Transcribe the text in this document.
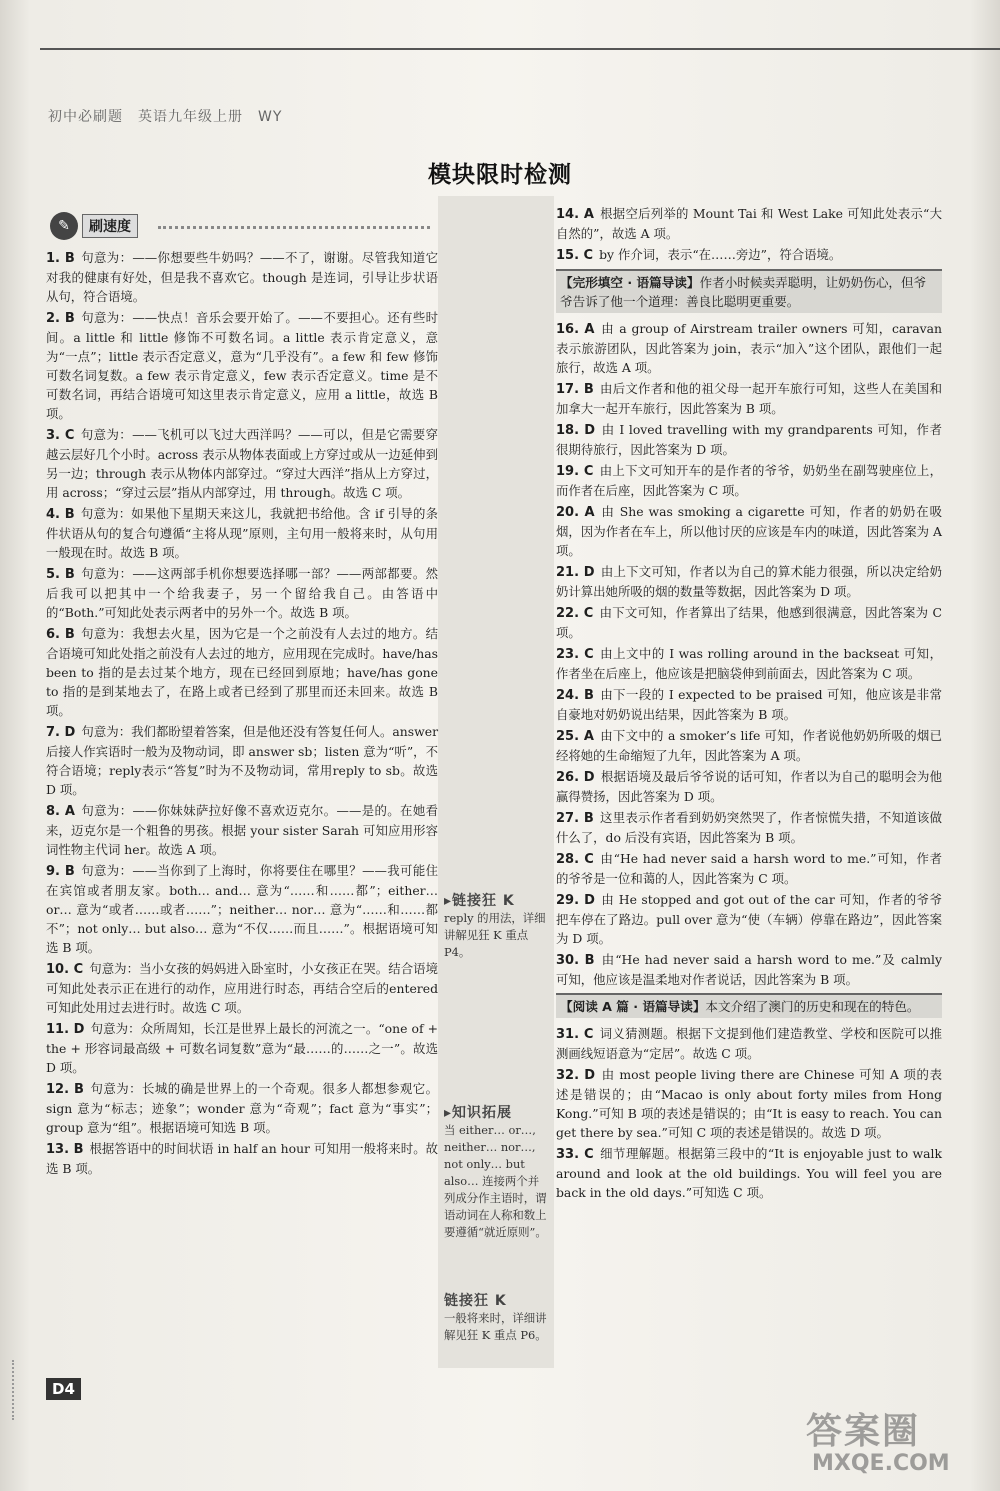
初中必刷题　英语九年级上册　WY
模块限时检测
✎	刷速度
1. B 句意为：——你想要些牛奶吗？——不了，谢谢。尽管我知道它对我的健康有好处，但是我不喜欢它。though 是连词，引导让步状语从句，符合语境。
2. B 句意为：——快点！音乐会要开始了。——不要担心。还有些时间。a little 和 little 修饰不可数名词。a little 表示肯定意义，意为“一点”；little 表示否定意义，意为“几乎没有”。a few 和 few 修饰可数名词复数。a few 表示肯定意义，few 表示否定意义。time 是不可数名词，再结合语境可知这里表示肯定意义，应用 a little，故选 B 项。
3. C 句意为：——飞机可以飞过大西洋吗？——可以，但是它需要穿越云层好几个小时。across 表示从物体表面或上方穿过或从一边延伸到另一边；through 表示从物体内部穿过。“穿过大西洋”指从上方穿过，用 across；“穿过云层”指从内部穿过，用 through。故选 C 项。
4. B 句意为：如果他下星期天来这儿，我就把书给他。含 if 引导的条件状语从句的复合句遵循“主将从现”原则，主句用一般将来时，从句用一般现在时。故选 B 项。
5. B 句意为：——这两部手机你想要选择哪一部？——两部都要。然后我可以把其中一个给我妻子，另一个留给我自己。由答语中的“Both.”可知此处表示两者中的另外一个。故选 B 项。
6. B 句意为：我想去火星，因为它是一个之前没有人去过的地方。结合语境可知此处指之前没有人去过的地方，应用现在完成时。have/has been to 指的是去过某个地方，现在已经回到原地；have/has gone to 指的是到某地去了，在路上或者已经到了那里而还未回来。故选 B 项。
7. D 句意为：我们都盼望着答案，但是他还没有答复任何人。answer 后接人作宾语时一般为及物动词，即 answer sb；listen 意为“听”，不符合语境；reply表示“答复”时为不及物动词，常用reply to sb。故选 D 项。
8. A 句意为：——你妹妹萨拉好像不喜欢迈克尔。——是的。在她看来，迈克尔是一个粗鲁的男孩。根据 your sister Sarah 可知应用形容词性物主代词 her。故选 A 项。
9. B 句意为：——当你到了上海时，你将要住在哪里？——我可能住在宾馆或者朋友家。both… and… 意为“……和……都”；either… or… 意为“或者……或者……”；neither… nor… 意为“……和……都不”；not only… but also… 意为“不仅……而且……”。根据语境可知选 B 项。
10. C 句意为：当小女孩的妈妈进入卧室时，小女孩正在哭。结合语境可知此处表示正在进行的动作，应用进行时态，再结合空后的entered可知此处用过去进行时。故选 C 项。
11. D 句意为：众所周知，长江是世界上最长的河流之一。“one of + the + 形容词最高级 + 可数名词复数”意为“最……的……之一”。故选 D 项。
12. B 句意为：长城的确是世界上的一个奇观。很多人都想参观它。sign 意为“标志；迹象”；wonder 意为“奇观”；fact 意为“事实”；group 意为“组”。根据语境可知选 B 项。
13. B 根据答语中的时间状语 in half an hour 可知用一般将来时。故选 B 项。
14. A 根据空后列举的 Mount Tai 和 West Lake 可知此处表示“大自然的”，故选 A 项。
15. C by 作介词，表示“在……旁边”，符合语境。
【完形填空 · 语篇导读】作者小时候卖弄聪明，让奶奶伤心，但爷爷告诉了他一个道理：善良比聪明更重要。
16. A 由 a group of Airstream trailer owners 可知，caravan 表示旅游团队，因此答案为 join，表示“加入”这个团队，跟他们一起旅行，故选 A 项。
17. B 由后文作者和他的祖父母一起开车旅行可知，这些人在美国和加拿大一起开车旅行，因此答案为 B 项。
18. D 由 I loved travelling with my grandparents 可知，作者很期待旅行，因此答案为 D 项。
19. C 由上下文可知开车的是作者的爷爷，奶奶坐在副驾驶座位上，而作者在后座，因此答案为 C 项。
20. A 由 She was smoking a cigarette 可知，作者的奶奶在吸烟，因为作者在车上，所以他讨厌的应该是车内的味道，因此答案为 A 项。
21. D 由上下文可知，作者以为自己的算术能力很强，所以决定给奶奶计算出她所吸的烟的数量等数据，因此答案为 D 项。
22. C 由下文可知，作者算出了结果，他感到很满意，因此答案为 C 项。
23. C 由上文中的 I was rolling around in the backseat 可知，作者坐在后座上，他应该是把脑袋伸到前面去，因此答案为 C 项。
24. B 由下一段的 I expected to be praised 可知，他应该是非常自豪地对奶奶说出结果，因此答案为 B 项。
25. A 由下文中的 a smoker’s life 可知，作者说他奶奶所吸的烟已经将她的生命缩短了九年，因此答案为 A 项。
26. D 根据语境及最后爷爷说的话可知，作者以为自己的聪明会为他赢得赞扬，因此答案为 D 项。
27. B 这里表示作者看到奶奶突然哭了，作者惊慌失措，不知道该做什么了，do 后没有宾语，因此答案为 B 项。
28. C 由“He had never said a harsh word to me.”可知，作者的爷爷是一位和蔼的人，因此答案为 C 项。
29. D 由 He stopped and got out of the car 可知，作者的爷爷把车停在了路边。pull over 意为“使（车辆）停靠在路边”，因此答案为 D 项。
30. B 由“He had never said a harsh word to me.”及 calmly 可知，他应该是温柔地对作者说话，因此答案为 B 项。
【阅读 A 篇 · 语篇导读】本文介绍了澳门的历史和现在的特色。
31. C 词义猜测题。根据下文提到他们建造教堂、学校和医院可以推测画线短语意为“定居”。故选 C 项。
32. D 由 most people living there are Chinese 可知 A 项的表述是错误的；由“Macao is only about forty miles from Hong Kong.”可知 B 项的表述是错误的；由“It is easy to reach. You can get there by sea.”可知 C 项的表述是错误的。故选 D 项。
33. C 细节理解题。根据第三段中的“It is enjoyable just to walk around and look at the old buildings. You will feel you are back in the old days.”可知选 C 项。
▸链接狂 K
reply 的用法，详细讲解见狂 K 重点 P4。
▸知识拓展
当 either… or…, neither… nor…, not only… but also… 连接两个并列成分作主语时，谓语动词在人称和数上要遵循“就近原则”。
链接狂 K
一般将来时，详细讲解见狂 K 重点 P6。
D4
答案圈
MXQE.COM
